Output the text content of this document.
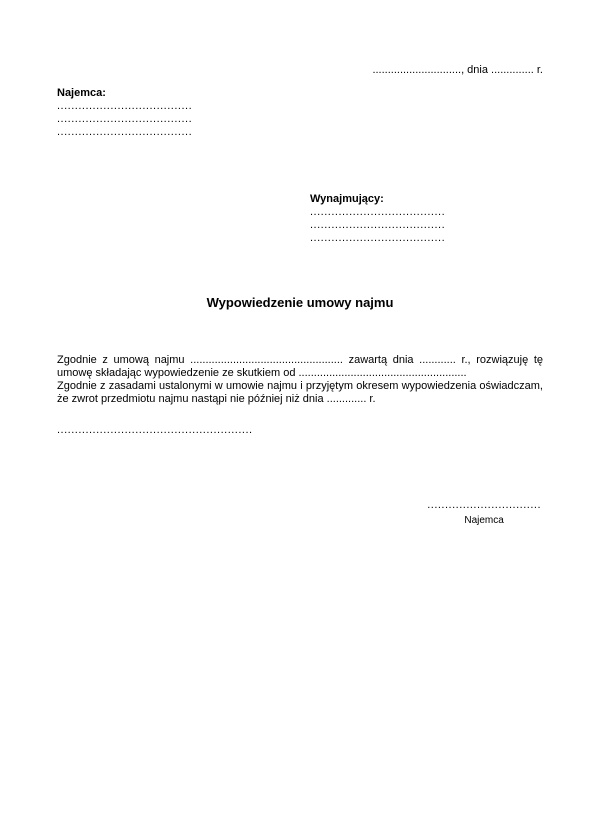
............................., dnia .............. r.

Najemca:

......................................

......................................

......................................

Wynajmujący:

......................................

......................................

......................................

Wypowiedzenie umowy najmu

Zgodnie z umową najmu .................................................. zawartą dnia ............ r., rozwiązuję tę umowę składając wypowiedzenie ze skutkiem od .......................................................

Zgodnie z zasadami ustalonymi w umowie najmu i przyjętym okresem wypowiedzenia oświadczam, że zwrot przedmiotu najmu nastąpi nie później niż dnia ............. r.

.......................................................

................................
Najemca
